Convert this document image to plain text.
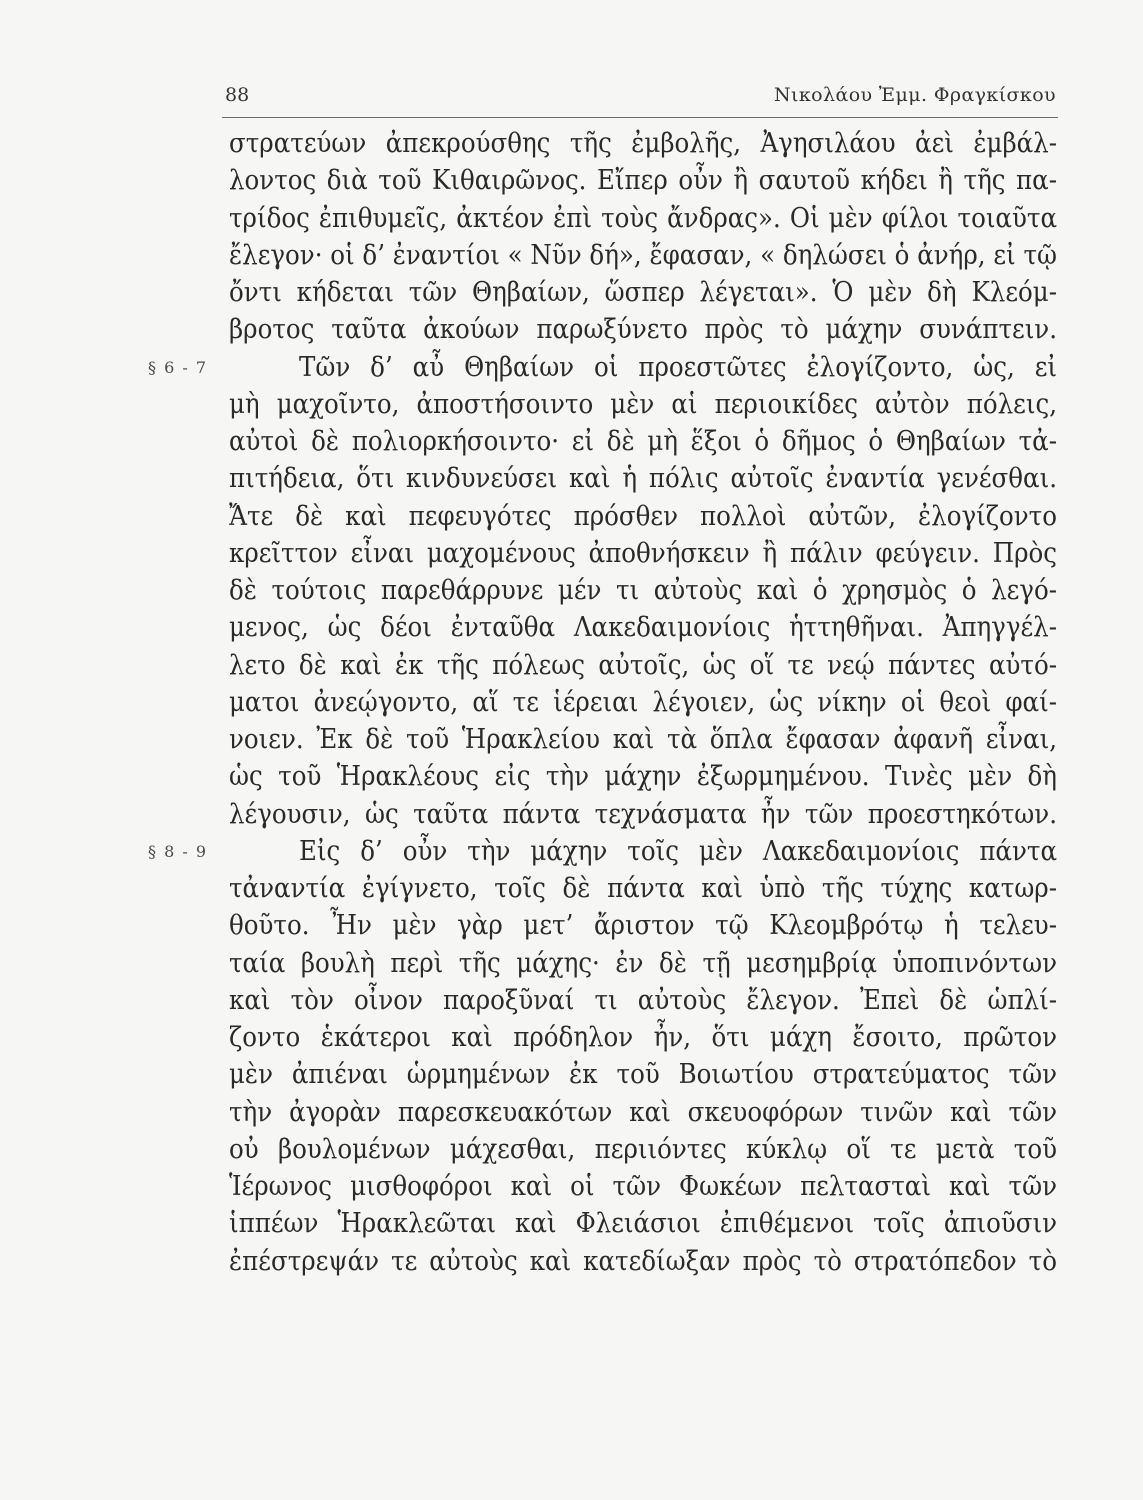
88	Νικολάου Ἐμμ. Φραγκίσκου
στρατεύων ἀπεκρούσθης τῆς ἐμβολῆς, Ἀγησιλάου ἀεὶ ἐμβάλ-
λοντος διὰ τοῦ Κιθαιρῶνος. Εἴπερ οὖν ἢ σαυτοῦ κήδει ἢ τῆς πα-
τρίδος ἐπιθυμεῖς, ἀκτέον ἐπὶ τοὺς ἄνδρας». Οἱ μὲν φίλοι τοιαῦτα
ἔλεγον· οἱ δ’ ἐναντίοι « Νῦν δή», ἔφασαν, « δηλώσει ὁ ἀνήρ, εἰ τῷ
ὄντι κήδεται τῶν Θηβαίων, ὥσπερ λέγεται». Ὁ μὲν δὴ Κλεόμ-
βροτος ταῦτα ἀκούων παρωξύνετο πρὸς τὸ μάχην συνάπτειν.
§ 6 - 7	Τῶν δ’ αὖ Θηβαίων οἱ προεστῶτες ἐλογίζοντο, ὡς, εἰ
μὴ μαχοῖντο, ἀποστήσοιντο μὲν αἱ περιοικίδες αὐτὸν πόλεις,
αὐτοὶ δὲ πολιορκήσοιντο· εἰ δὲ μὴ ἕξοι ὁ δῆμος ὁ Θηβαίων τἀ-
πιτήδεια, ὅτι κινδυνεύσει καὶ ἡ πόλις αὐτοῖς ἐναντία γενέσθαι.
Ἄτε δὲ καὶ πεφευγότες πρόσθεν πολλοὶ αὐτῶν, ἐλογίζοντο
κρεῖττον εἶναι μαχομένους ἀποθνήσκειν ἢ πάλιν φεύγειν. Πρὸς
δὲ τούτοις παρεθάρρυνε μέν τι αὐτοὺς καὶ ὁ χρησμὸς ὁ λεγό-
μενος, ὡς δέοι ἐνταῦθα Λακεδαιμονίοις ἡττηθῆναι. Ἀπηγγέλ-
λετο δὲ καὶ ἐκ τῆς πόλεως αὐτοῖς, ὡς οἵ τε νεῴ πάντες αὐτό-
ματοι ἀνεῴγοντο, αἵ τε ἱέρειαι λέγοιεν, ὡς νίκην οἱ θεοὶ φαί-
νοιεν. Ἐκ δὲ τοῦ Ἡρακλείου καὶ τὰ ὅπλα ἔφασαν ἀφανῆ εἶναι,
ὡς τοῦ Ἡρακλέους εἰς τὴν μάχην ἐξωρμημένου. Τινὲς μὲν δὴ
λέγουσιν, ὡς ταῦτα πάντα τεχνάσματα ἦν τῶν προεστηκότων.
§ 8 - 9	Εἰς δ’ οὖν τὴν μάχην τοῖς μὲν Λακεδαιμονίοις πάντα
τἀναντία ἐγίγνετο, τοῖς δὲ πάντα καὶ ὑπὸ τῆς τύχης κατωρ-
θοῦτο. Ἦν μὲν γὰρ μετ’ ἄριστον τῷ Κλεομβρότῳ ἡ τελευ-
ταία βουλὴ περὶ τῆς μάχης· ἐν δὲ τῇ μεσημβρίᾳ ὑποπινόντων
καὶ τὸν οἶνον παροξῦναί τι αὐτοὺς ἔλεγον. Ἐπεὶ δὲ ὡπλί-
ζοντο ἑκάτεροι καὶ πρόδηλον ἦν, ὅτι μάχη ἔσοιτο, πρῶτον
μὲν ἀπιέναι ὡρμημένων ἐκ τοῦ Βοιωτίου στρατεύματος τῶν
τὴν ἀγορὰν παρεσκευακότων καὶ σκευοφόρων τινῶν καὶ τῶν
οὐ βουλομένων μάχεσθαι, περιιόντες κύκλῳ οἵ τε μετὰ τοῦ
Ἱέρωνος μισθοφόροι καὶ οἱ τῶν Φωκέων πελτασταὶ καὶ τῶν
ἱππέων Ἡρακλεῶται καὶ Φλειάσιοι ἐπιθέμενοι τοῖς ἀπιοῦσιν
ἐπέστρεψάν τε αὐτοὺς καὶ κατεδίωξαν πρὸς τὸ στρατόπεδον τὸ
